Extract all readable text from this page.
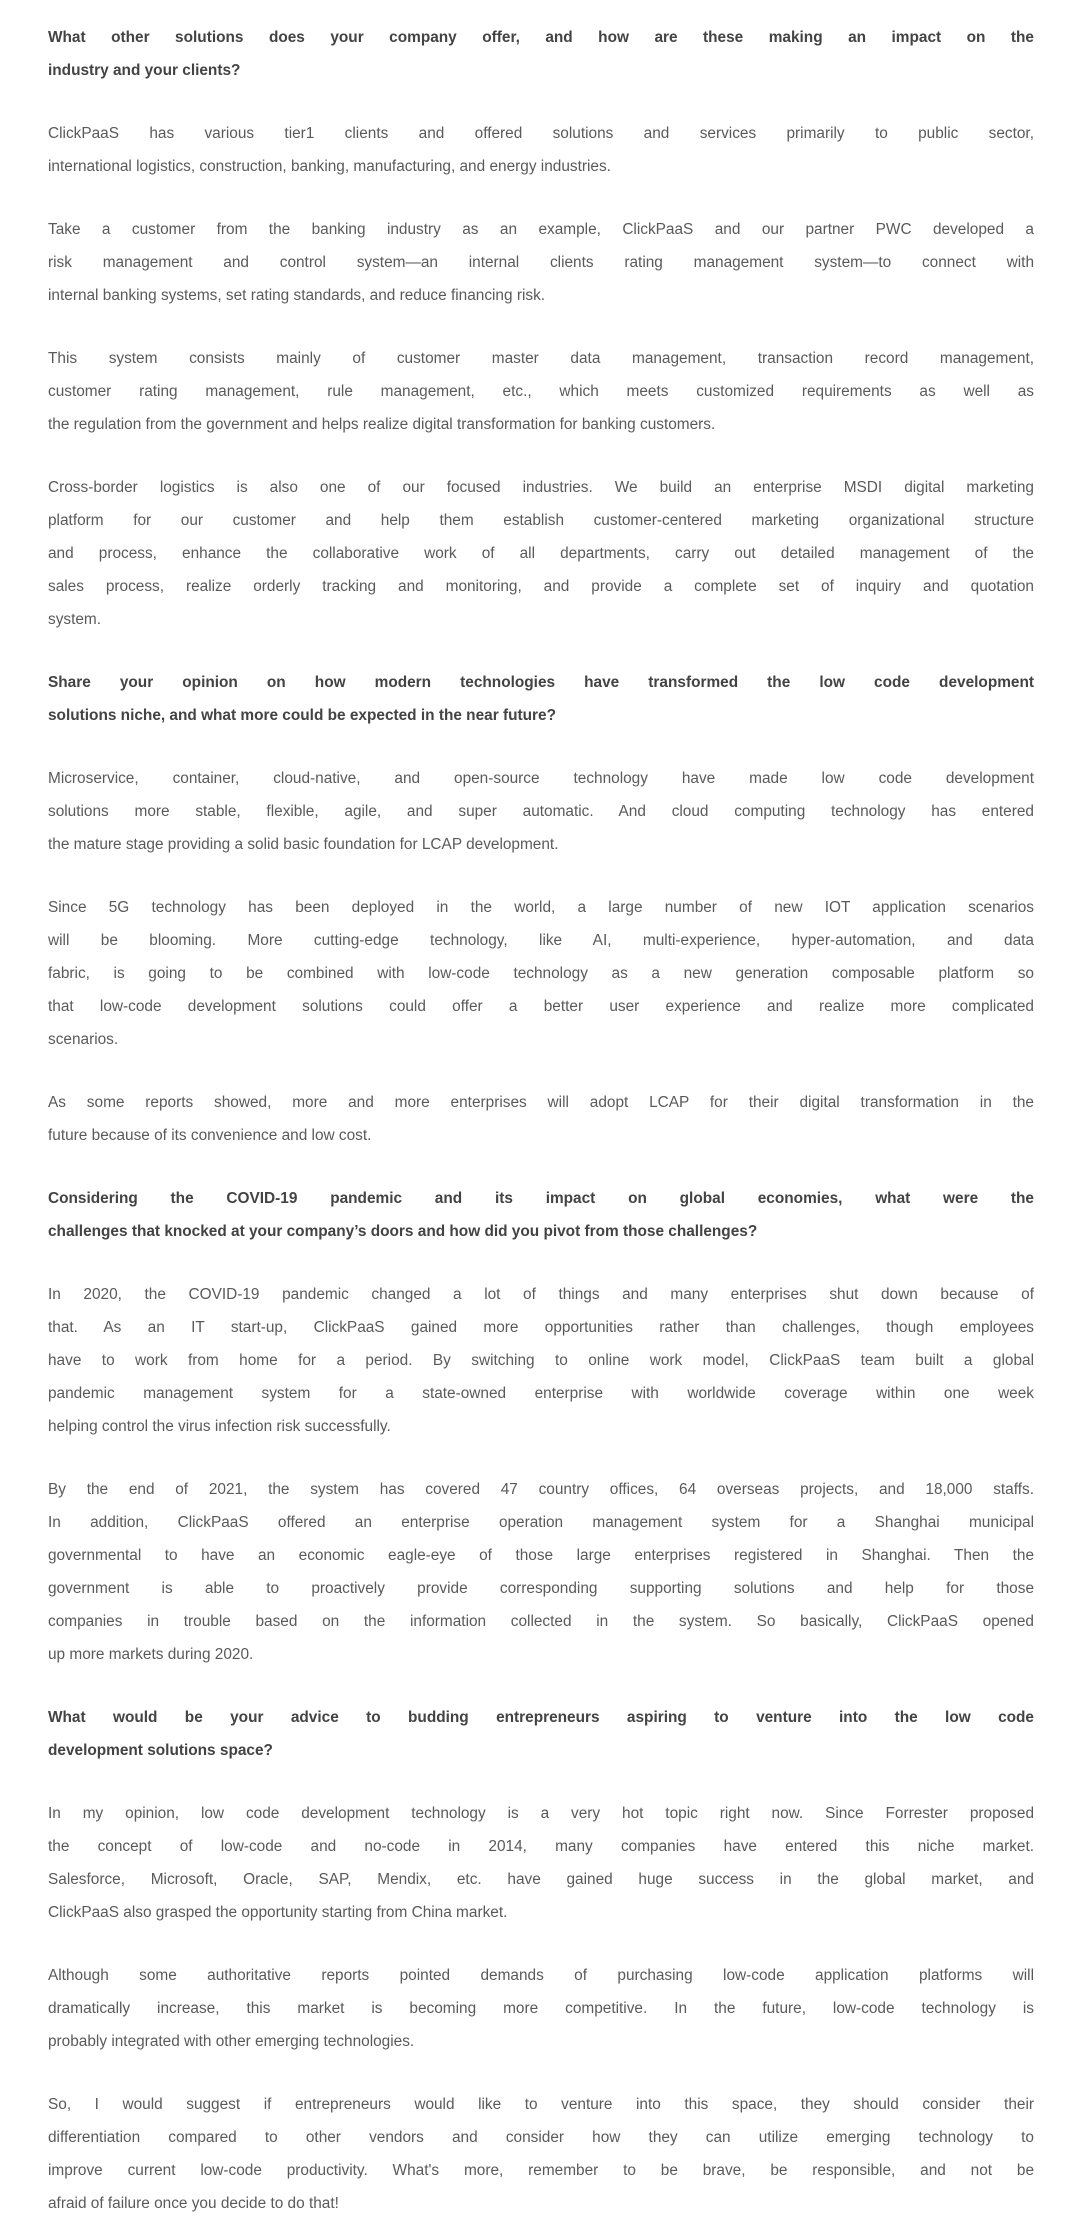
What other solutions does your company offer, and how are these making an impact on the
industry and your clients?
ClickPaaS has various tier1 clients and offered solutions and services primarily to public sector,
international logistics, construction, banking, manufacturing, and energy industries.
Take a customer from the banking industry as an example, ClickPaaS and our partner PWC developed a
risk management and control system—an internal clients rating management system—to connect with
internal banking systems, set rating standards, and reduce financing risk.
This system consists mainly of customer master data management, transaction record management,
customer rating management, rule management, etc., which meets customized requirements as well as
the regulation from the government and helps realize digital transformation for banking customers.
Cross-border logistics is also one of our focused industries. We build an enterprise MSDI digital marketing
platform for our customer and help them establish customer-centered marketing organizational structure
and process, enhance the collaborative work of all departments, carry out detailed management of the
sales process, realize orderly tracking and monitoring, and provide a complete set of inquiry and quotation
system.
Share your opinion on how modern technologies have transformed the low code development
solutions niche, and what more could be expected in the near future?
Microservice, container, cloud-native, and open-source technology have made low code development
solutions more stable, flexible, agile, and super automatic. And cloud computing technology has entered
the mature stage providing a solid basic foundation for LCAP development.
Since 5G technology has been deployed in the world, a large number of new IOT application scenarios
will be blooming. More cutting-edge technology, like AI, multi-experience, hyper-automation, and data
fabric, is going to be combined with low-code technology as a new generation composable platform so
that low-code development solutions could offer a better user experience and realize more complicated
scenarios.
As some reports showed, more and more enterprises will adopt LCAP for their digital transformation in the
future because of its convenience and low cost.
Considering the COVID-19 pandemic and its impact on global economies, what were the
challenges that knocked at your company’s doors and how did you pivot from those challenges?
In 2020, the COVID-19 pandemic changed a lot of things and many enterprises shut down because of
that. As an IT start-up, ClickPaaS gained more opportunities rather than challenges, though employees
have to work from home for a period. By switching to online work model, ClickPaaS team built a global
pandemic management system for a state-owned enterprise with worldwide coverage within one week
helping control the virus infection risk successfully.
By the end of 2021, the system has covered 47 country offices, 64 overseas projects, and 18,000 staffs.
In addition, ClickPaaS offered an enterprise operation management system for a Shanghai municipal
governmental to have an economic eagle-eye of those large enterprises registered in Shanghai. Then the
government is able to proactively provide corresponding supporting solutions and help for those
companies in trouble based on the information collected in the system. So basically, ClickPaaS opened
up more markets during 2020.
What would be your advice to budding entrepreneurs aspiring to venture into the low code
development solutions space?
In my opinion, low code development technology is a very hot topic right now. Since Forrester proposed
the concept of low-code and no-code in 2014, many companies have entered this niche market.
Salesforce, Microsoft, Oracle, SAP, Mendix, etc. have gained huge success in the global market, and
ClickPaaS also grasped the opportunity starting from China market.
Although some authoritative reports pointed demands of purchasing low-code application platforms will
dramatically increase, this market is becoming more competitive. In the future, low-code technology is
probably integrated with other emerging technologies.
So, I would suggest if entrepreneurs would like to venture into this space, they should consider their
differentiation compared to other vendors and consider how they can utilize emerging technology to
improve current low-code productivity. What's more, remember to be brave, be responsible, and not be
afraid of failure once you decide to do that!
